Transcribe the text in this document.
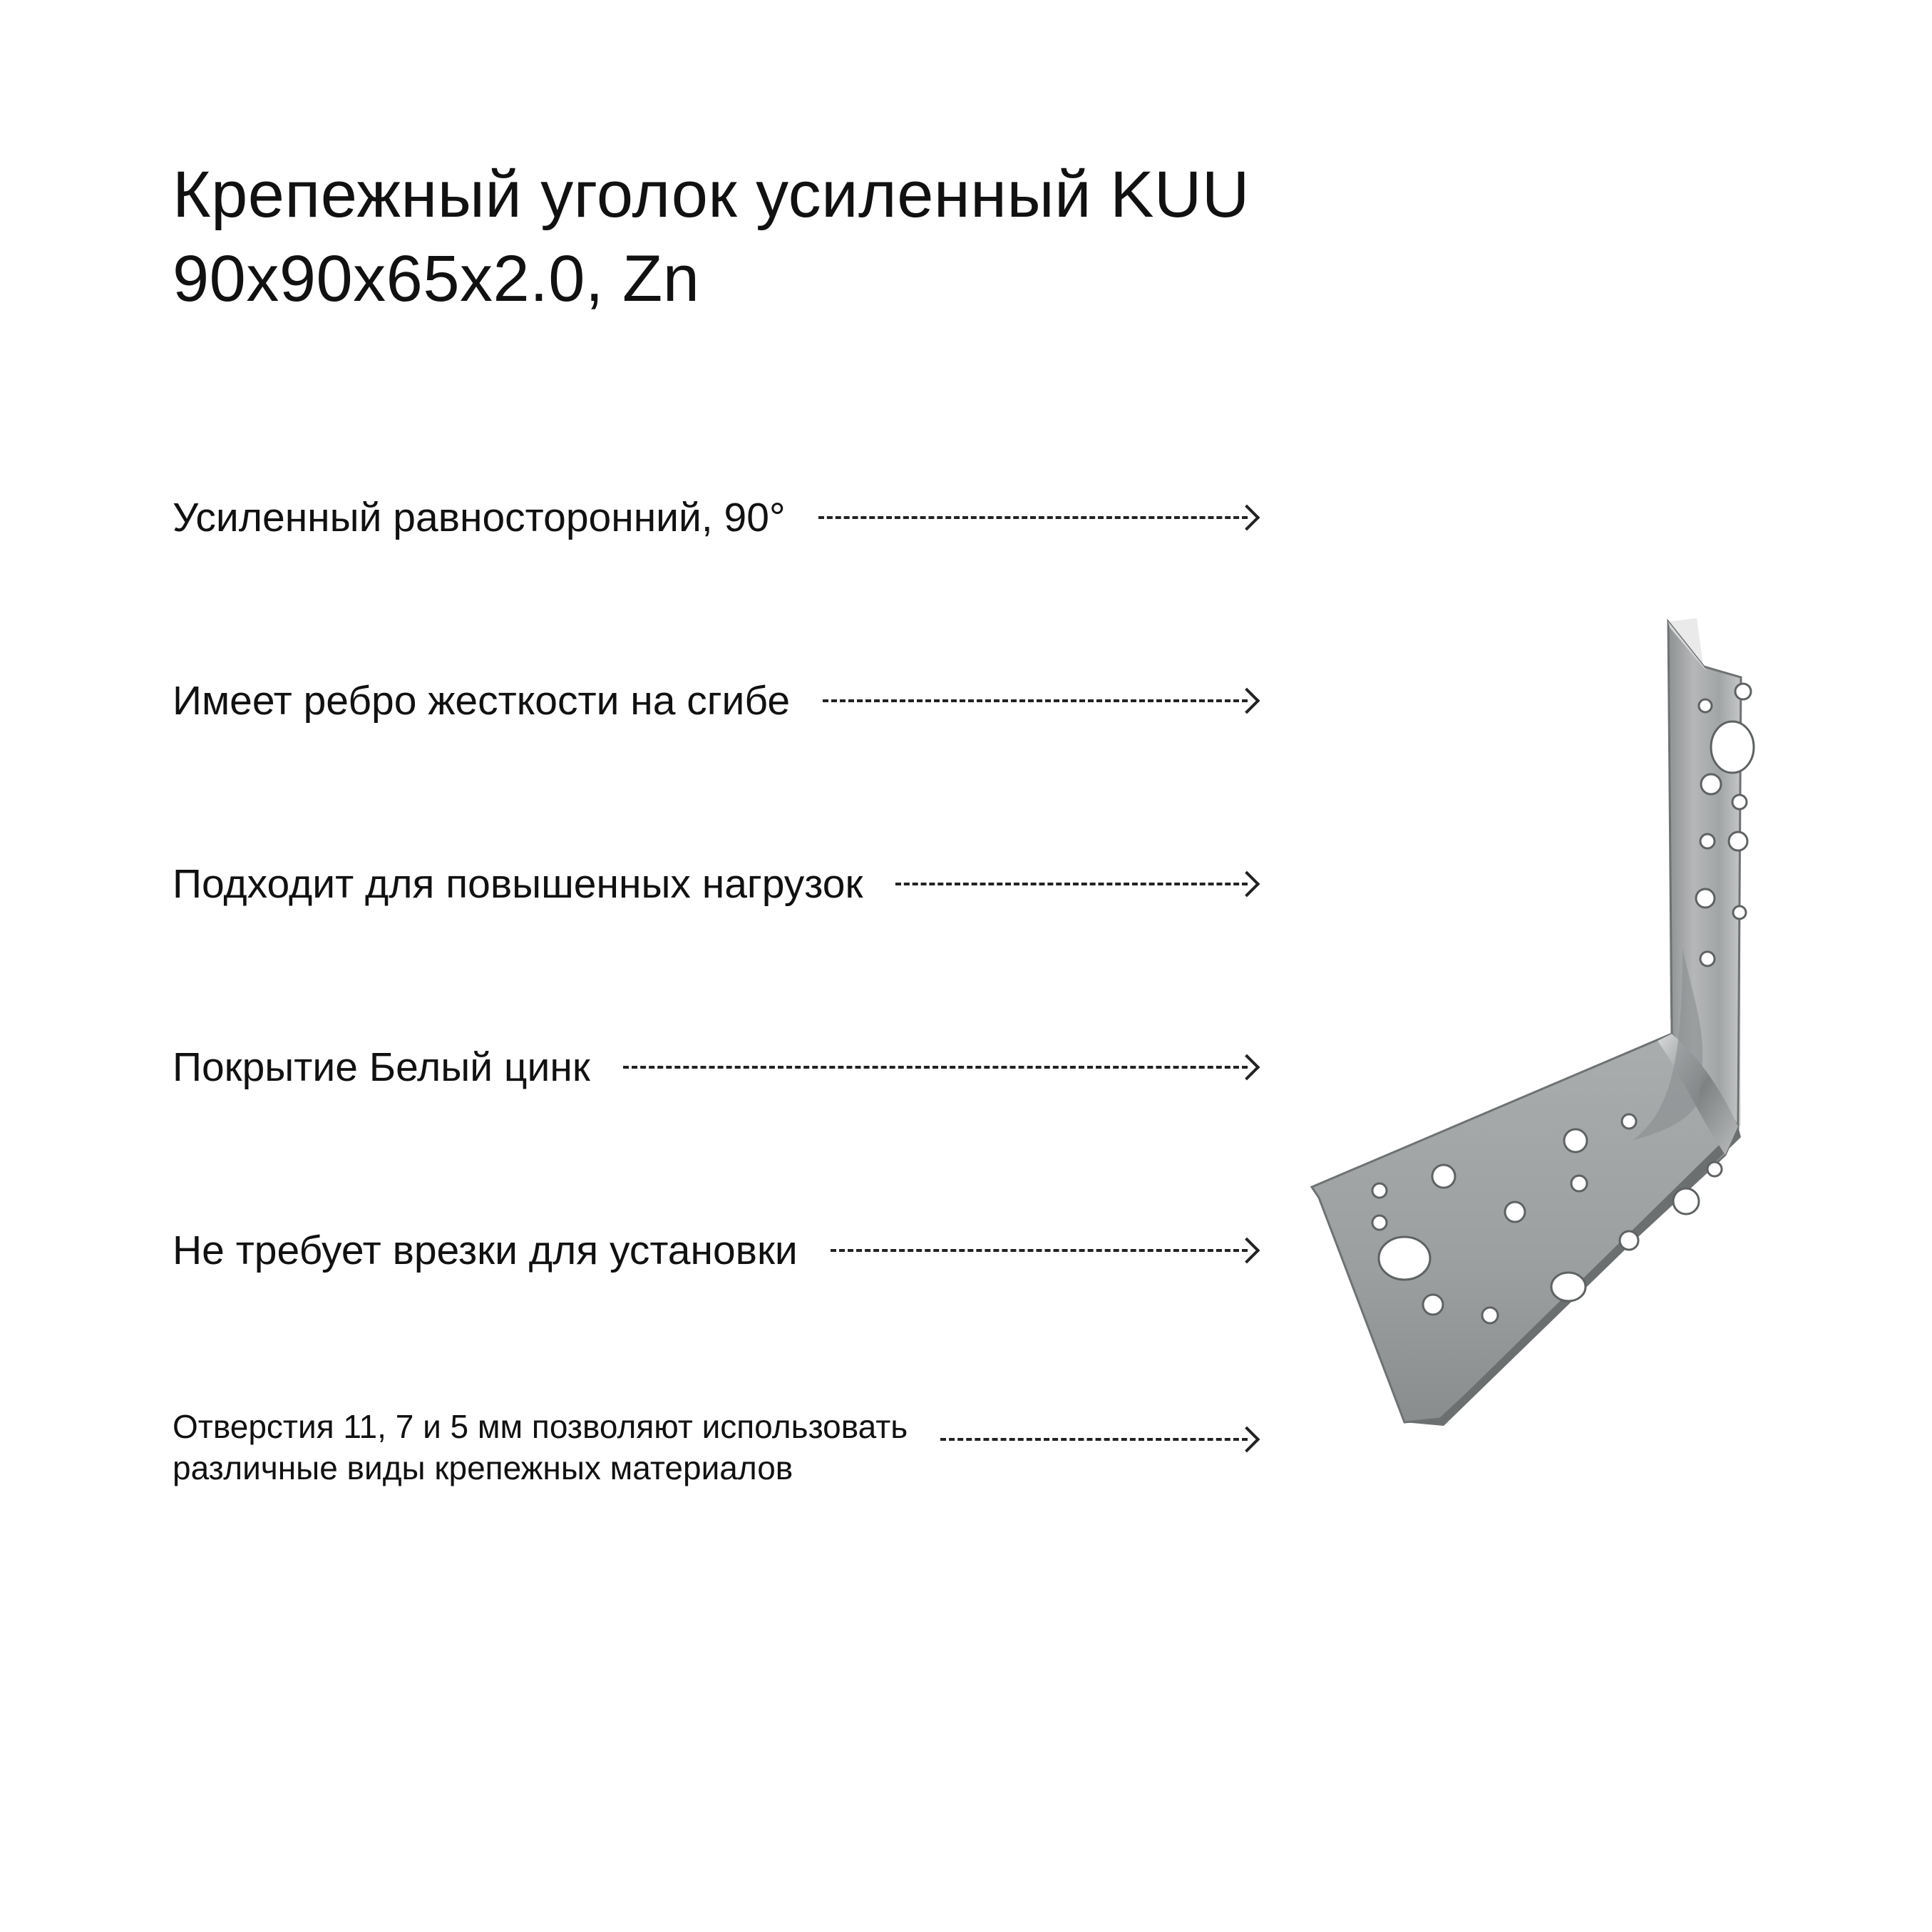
Крепежный уголок усиленный KUU
90x90x65x2.0, Zn
Усиленный равносторонний, 90°
Имеет ребро жесткости на сгибе
Подходит для повышенных нагрузок
Покрытие Белый цинк
Не требует врезки для установки
Отверстия 11, 7 и 5 мм позволяют использовать
различные виды крепежных материалов
